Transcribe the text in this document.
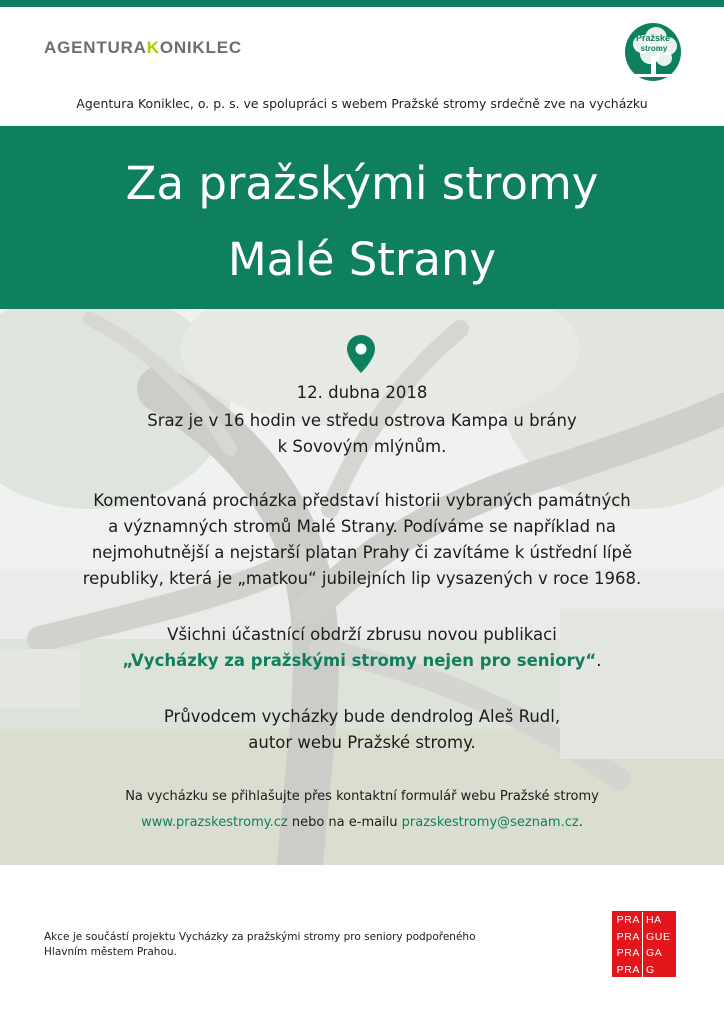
AGENTURAKONIKLEC	Pražské
stromy
Agentura Koniklec, o. p. s. ve spolupráci s webem Pražské stromy srdečně zve na vycházku
Za pražskými stromy
Malé Strany
12. dubna 2018
Sraz je v 16 hodin ve středu ostrova Kampa u brány
k Sovovým mlýnům.
Komentovaná procházka představí historii vybraných památných
a významných stromů Malé Strany. Podíváme se například na
nejmohutnější a nejstarší platan Prahy či zavítáme k ústřední lípě
republiky, která je „matkou“ jubilejních lip vysazených v roce 1968.
Všichni účastnící obdrží zbrusu novou publikaci
„Vycházky za pražskými stromy nejen pro seniory“.
Průvodcem vycházky bude dendrolog Aleš Rudl,
autor webu Pražské stromy.
Na vycházku se přihlašujte přes kontaktní formulář webu Pražské stromy
www.prazskestromy.cz nebo na e-mailu prazskestromy@seznam.cz.
Akce je součástí projektu Vycházky za pražskými stromy pro seniory podpořeného
Hlavním městem Prahou.
PRA HA
PRA GUE
PRA GA
PRA G
